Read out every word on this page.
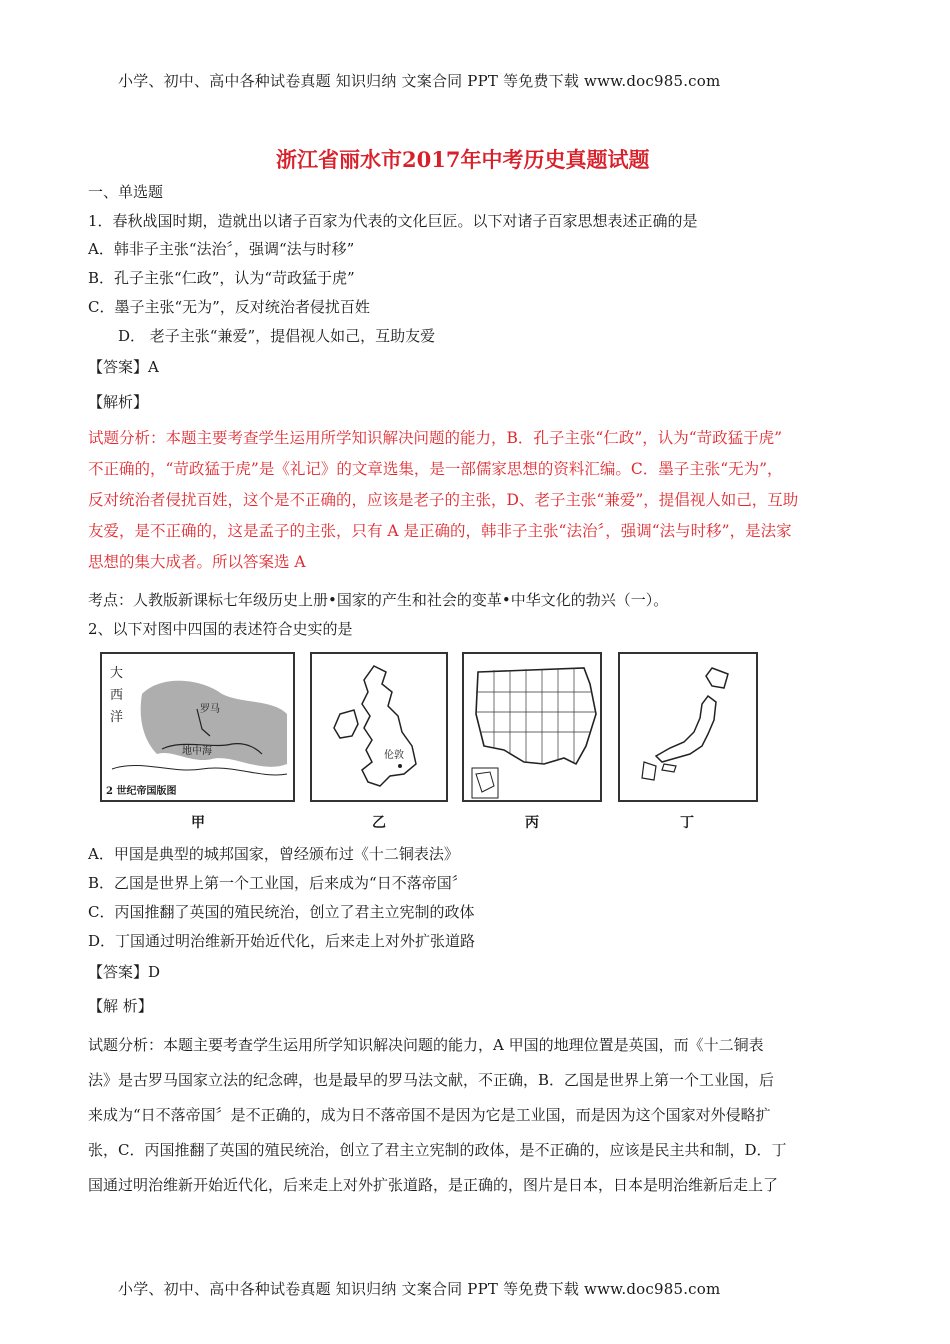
小学、初中、高中各种试卷真题 知识归纳 文案合同 PPT 等免费下载 www.doc985.com
小学、初中、高中各种试卷真题 知识归纳 文案合同 PPT 等免费下载 www.doc985.com
浙江省丽水市2017年中考历史真题试题
一、单选题
1．春秋战国时期，造就出以诸子百家为代表的文化巨匠。以下对诸子百家思想表述正确的是
A．韩非子主张“法治〞，强调“法与时移”
B．孔子主张“仁政”，认为“苛政猛于虎”
C．墨子主张“无为”，反对统治者侵扰百姓
D． 老子主张“兼爱”，提倡视人如己，互助友爱
【答案】A
【解析】
试题分析：本题主要考查学生运用所学知识解决问题的能力，B．孔子主张“仁政”，认为“苛政猛于虎”
不正确的，“苛政猛于虎”是《礼记》的文章选集，是一部儒家思想的资料汇编。C．墨子主张“无为”，
反对统治者侵扰百姓，这个是不正确的，应该是老子的主张，D、老子主张“兼爱”，提倡视人如己，互助
友爱，是不正确的，这是孟子的主张，只有 A 是正确的，韩非子主张“法治〞，强调“法与时移”，是法家
思想的集大成者。所以答案选 A
考点：人教版新课标七年级历史上册•国家的产生和社会的变革•中华文化的勃兴（一）。
2、以下对图中四国的表述符合史实的是
大
西
洋
罗马
地中海
2 世纪帝国版图
伦敦
甲	乙	丙	丁
A．甲国是典型的城邦国家，曾经颁布过《十二铜表法》
B．乙国是世界上第一个工业国，后来成为“日不落帝国〞
C．丙国推翻了英国的殖民统治，创立了君主立宪制的政体
D．丁国通过明治维新开始近代化，后来走上对外扩张道路
【答案】D
【解 析】
试题分析：本题主要考查学生运用所学知识解决问题的能力，A 甲国的地理位置是英国，而《十二铜表
法》是古罗马国家立法的纪念碑，也是最早的罗马法文献，不正确，B．乙国是世界上第一个工业国，后
来成为“日不落帝国〞是不正确的，成为日不落帝国不是因为它是工业国，而是因为这个国家对外侵略扩
张，C．丙国推翻了英国的殖民统治，创立了君主立宪制的政体，是不正确的，应该是民主共和制，D．丁
国通过明治维新开始近代化，后来走上对外扩张道路，是正确的，图片是日本，日本是明治维新后走上了
